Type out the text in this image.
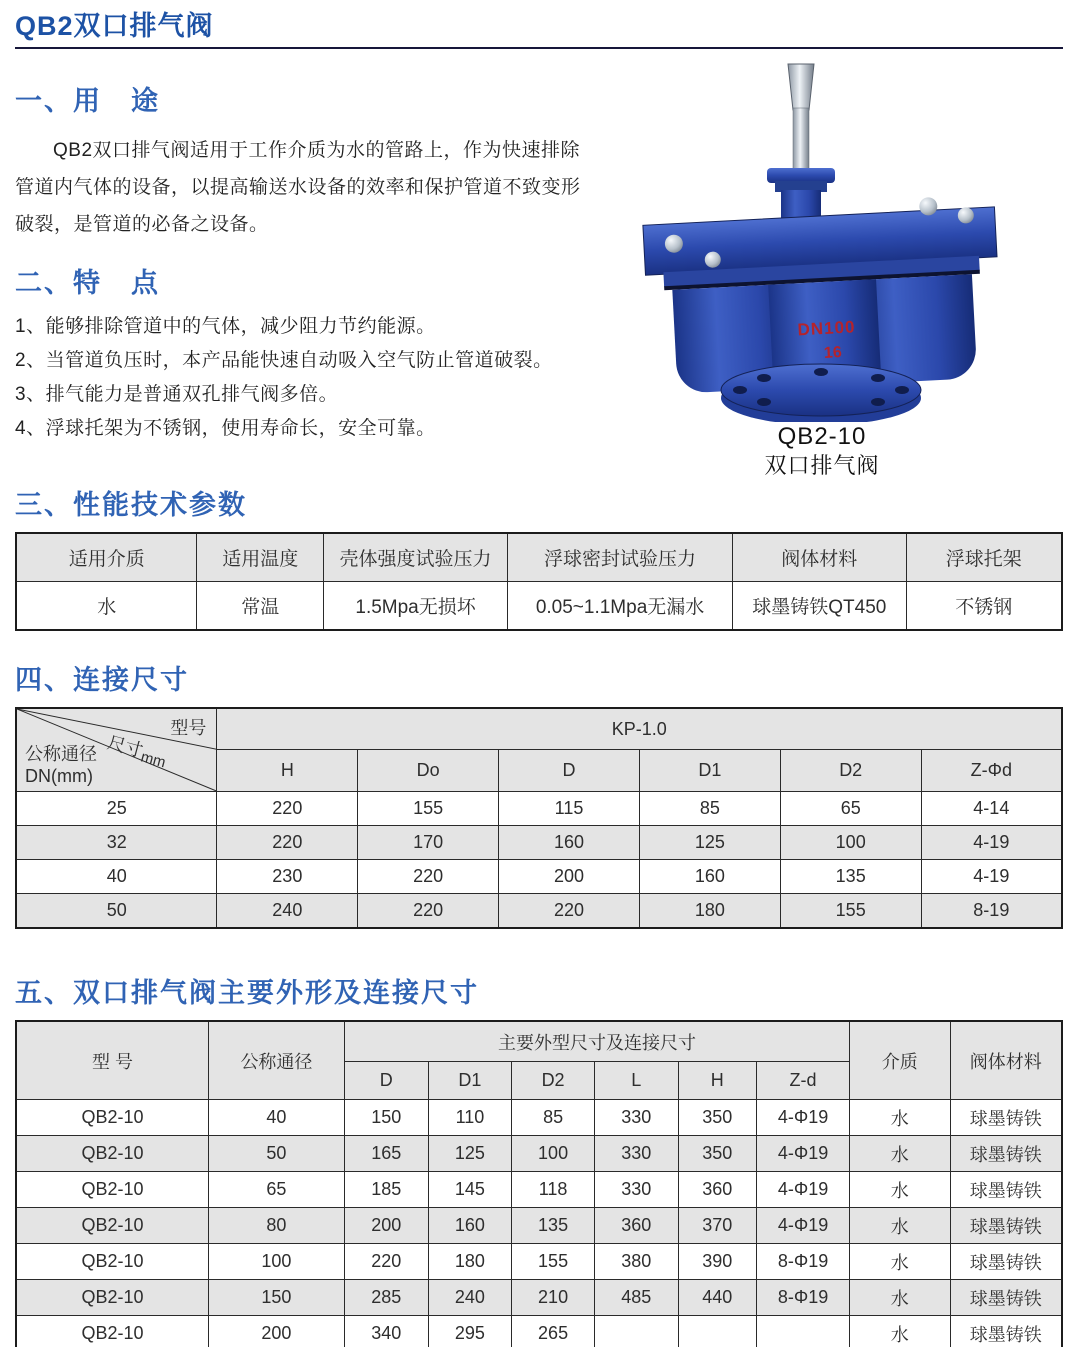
QB2双口排气阀
一、用　途

QB2双口排气阀适用于工作介质为水的管路上，作为快速排除管道内气体的设备，以提高输送水设备的效率和保护管道不致变形破裂，是管道的必备之设备。

二、特　点
1、能够排除管道中的气体，减少阻力节约能源。
2、当管道负压时，本产品能快速自动吸入空气防止管道破裂。
3、排气能力是普通双孔排气阀多倍。
4、浮球托架为不锈钢，使用寿命长，安全可靠。
DN100
16
QB2-10
双口排气阀
三、性能技术参数
适用介质	适用温度	壳体强度试验压力	浮球密封试验压力	阀体材料	浮球托架
水	常温	1.5Mpa无损坏	0.05~1.1Mpa无漏水	球墨铸铁QT450	不锈钢
四、连接尺寸
型号
尺寸$_{mm}$
公称通径
DN(mm)	KP-1.0					
	H	Do	D	D1	D2	Z-Φd
25	220	155	115	85	65	4-14
32	220	170	160	125	100	4-19
40	230	220	200	160	135	4-19
50	240	220	220	180	155	8-19
五、双口排气阀主要外形及连接尺寸
型 号	公称通径	主要外型尺寸及连接尺寸						介质	阀体材料
		D	D1	D2	L	H	Z-d		
QB2-10	40	150	110	85	330	350	4-Φ19	水	球墨铸铁
QB2-10	50	165	125	100	330	350	4-Φ19	水	球墨铸铁
QB2-10	65	185	145	118	330	360	4-Φ19	水	球墨铸铁
QB2-10	80	200	160	135	360	370	4-Φ19	水	球墨铸铁
QB2-10	100	220	180	155	380	390	8-Φ19	水	球墨铸铁
QB2-10	150	285	240	210	485	440	8-Φ19	水	球墨铸铁
QB2-10	200	340	295	265				水	球墨铸铁
